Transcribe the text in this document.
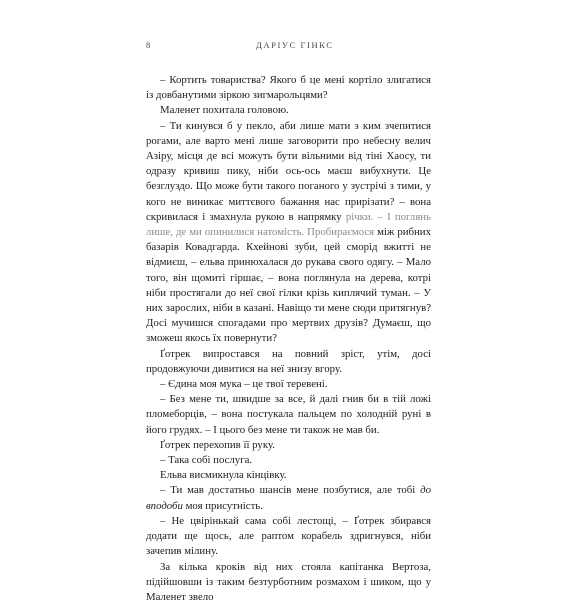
8	ДАРІУС ГІНКС

– Кортить товариства? Якого б це мені кортіло злигатися із довбанутими зіркою зигмарольцями?

Маленет похитала головою.

– Ти кинувся б у пекло, аби лише мати з ким зчепитися рогами, але варто мені лише заговорити про небесну велич Азіру, місця де всі можуть бути вільними від тіні Хаосу, ти одразу кривиш пику, ніби ось-ось маєш вибухнути. Це безглуздо. Що може бути такого поганого у зустрічі з тими, у кого не виникає миттєвого бажання нас прирізати? – вона скривилася і змахнула рукою в напрямку річки. – І поглянь лише, де ми опинилися натомість. Пробираємося між рибних базарів Ковадгарда. Кхейнові зуби, цей сморід вжитті не відмиєш, – ельва принюхалася до рукава свого одягу. – Мало того, він щомиті гіршає, – вона поглянула на дерева, котрі ніби простягали до неї свої гілки крізь киплячий туман. – У них зарослих, ніби в казані. Навіщо ти мене сюди притягнув? Досі мучишся спогадами про мертвих друзів? Думаєш, що зможеш якось їх повернути?

Ґотрек випростався на повний зріст, утім, досі продовжуючи дивитися на неї знизу вгору.

– Єдина моя мука – це твої теревені.

– Без мене ти, швидше за все, й далі гнив би в тій ложі пломеборців, – вона постукала пальцем по холодній руні в його грудях. – І цього без мене ти також не мав би.

Ґотрек перехопив її руку.

– Така собі послуга.

Ельва висмикнула кінцівку.

– Ти мав достатньо шансів мене позбутися, але тобі до вподоби моя присутність.

– Не цвірінькай сама собі лестощі, – Ґотрек збирався додати ще щось, але раптом корабель здригнувся, ніби зачепив мілину.

За кілька кроків від них стояла капітанка Вертоза, підійшовши із таким безтурботним розмахом і шиком, що у Маленет звело
